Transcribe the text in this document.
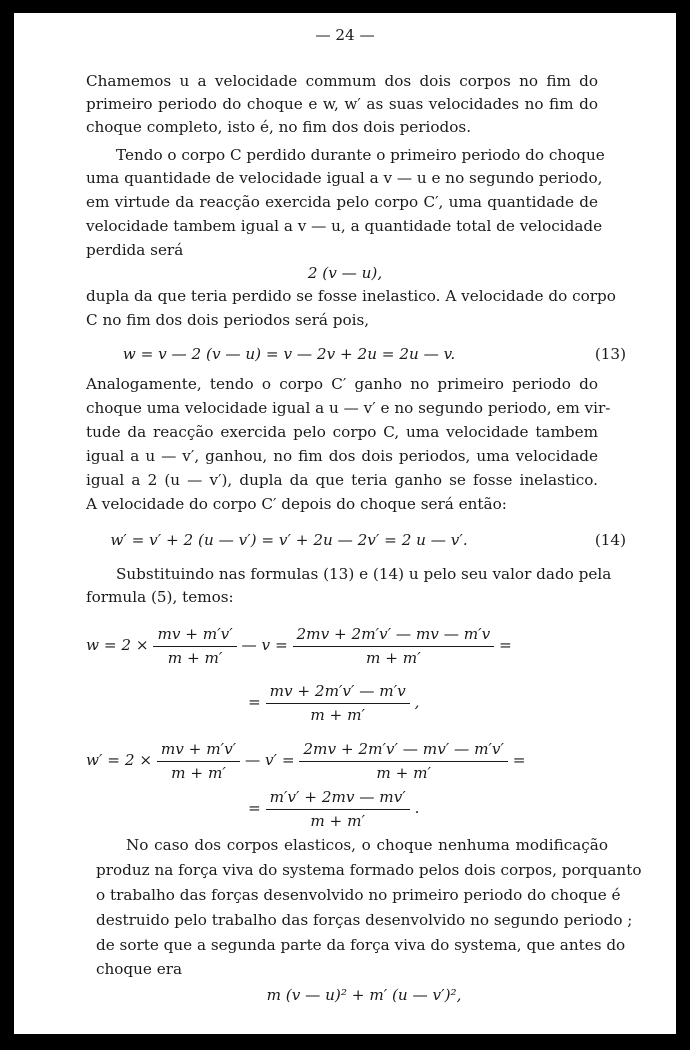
— 24 —
Chamemos u a velocidade commum dos dois corpos no fim do
primeiro periodo do choque e w, w′ as suas velocidades no fim do
choque completo, isto é, no fim dos dois periodos.
Tendo o corpo C perdido durante o primeiro periodo do choque
uma quantidade de velocidade igual a v — u e no segundo periodo,
em virtude da reacção exercida pelo corpo C′, uma quantidade de
velocidade tambem igual a v — u, a quantidade total de velocidade
perdida será
2 (v — u),
dupla da que teria perdido se fosse inelastico. A velocidade do corpo
C no fim dos dois periodos será pois,
w = v — 2 (v — u) = v — 2v + 2u = 2u — v.	(13)
Analogamente, tendo o corpo C′ ganho no primeiro periodo do
choque uma velocidade igual a u — v′ e no segundo periodo, em vir-
tude da reacção exercida pelo corpo C, uma velocidade tambem
igual a u — v′, ganhou, no fim dos dois periodos, uma velocidade
igual a 2 (u — v′), dupla da que teria ganho se fosse inelastico.
A velocidade do corpo C′ depois do choque será então:
w′ = v′ + 2 (u — v′) = v′ + 2u — 2v′ = 2 u — v′.	(14)
Substituindo nas formulas (13) e (14) u pelo seu valor dado pela
formula (5), temos:
$w = 2 \times \frac{mv + m'v'}{m + m'}$ — $v = \frac{2mv + 2m'v' — mv — m'v}{m + m'}$ =
= $\frac{mv + 2m'v' — m'v}{m + m'}$ ,
$w' = 2 \times \frac{mv + m'v'}{m + m'}$ — $v' = \frac{2mv + 2m'v' — mv' — m'v'}{m + m'}$ =
= $\frac{m'v' + 2mv — mv'}{m + m'}$ .
No caso dos corpos elasticos, o choque nenhuma modificação
produz na força viva do systema formado pelos dois corpos, porquanto
o trabalho das forças desenvolvido no primeiro periodo do choque é
destruido pelo trabalho das forças desenvolvido no segundo periodo ;
de sorte que a segunda parte da força viva do systema, que antes do
choque era
m (v — u)² + m′ (u — v′)²,
